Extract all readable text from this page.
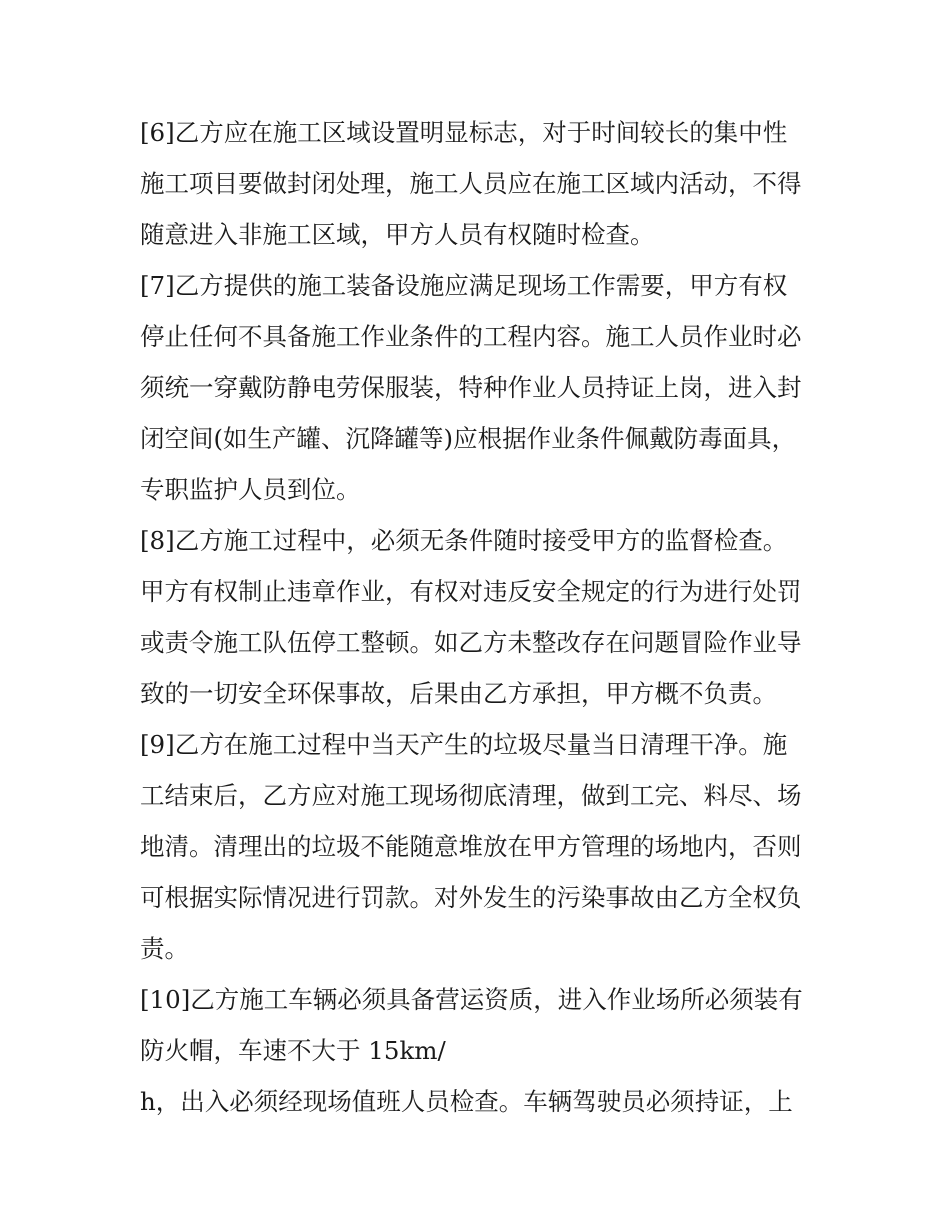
[6]乙方应在施工区域设置明显标志，对于时间较长的集中性
施工项目要做封闭处理，施工人员应在施工区域内活动，不得
随意进入非施工区域，甲方人员有权随时检查。
[7]乙方提供的施工装备设施应满足现场工作需要，甲方有权
停止任何不具备施工作业条件的工程内容。施工人员作业时必
须统一穿戴防静电劳保服装，特种作业人员持证上岗，进入封
闭空间(如生产罐、沉降罐等)应根据作业条件佩戴防毒面具，
专职监护人员到位。
[8]乙方施工过程中，必须无条件随时接受甲方的监督检查。
甲方有权制止违章作业，有权对违反安全规定的行为进行处罚
或责令施工队伍停工整顿。如乙方未整改存在问题冒险作业导
致的一切安全环保事故，后果由乙方承担，甲方概不负责。
[9]乙方在施工过程中当天产生的垃圾尽量当日清理干净。施
工结束后，乙方应对施工现场彻底清理，做到工完、料尽、场
地清。清理出的垃圾不能随意堆放在甲方管理的场地内，否则
可根据实际情况进行罚款。对外发生的污染事故由乙方全权负
责。
[10]乙方施工车辆必须具备营运资质，进入作业场所必须装有
防火帽，车速不大于 15km/
h，出入必须经现场值班人员检查。车辆驾驶员必须持证，上
